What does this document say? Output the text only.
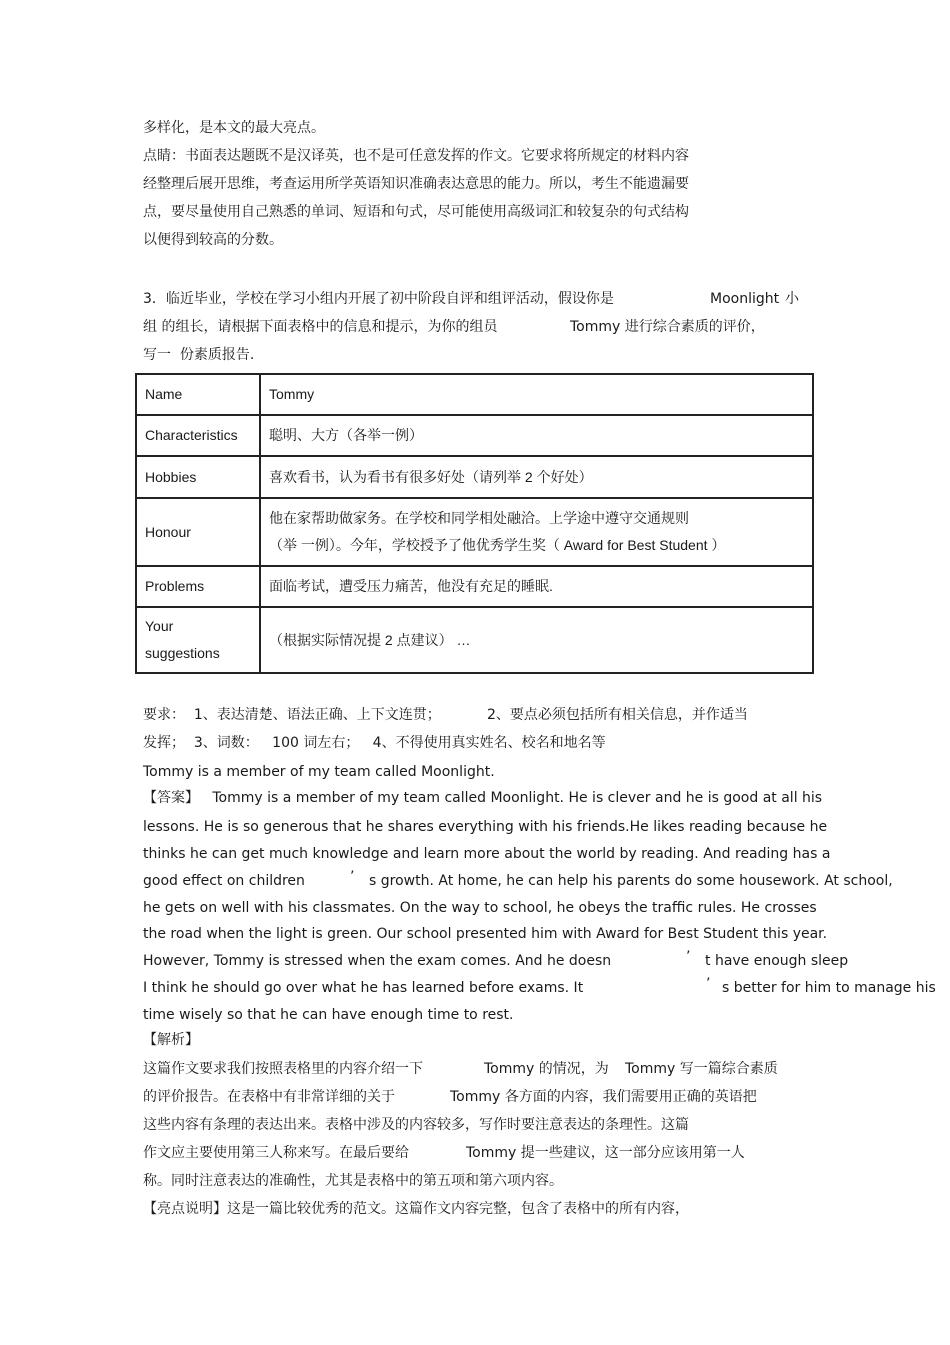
多样化，是本文的最大亮点。
点睛：书面表达题既不是汉译英，也不是可任意发挥的作文。它要求将所规定的材料内容
经整理后展开思维，考查运用所学英语知识准确表达意思的能力。所以，考生不能遗漏要
点，要尽量使用自己熟悉的单词、短语和句式，尽可能使用高级词汇和较复杂的句式结构
以便得到较高的分数。

3．临近毕业，学校在学习小组内开展了初中阶段自评和组评活动，假设你是

	Moonlight

小

组 的组长，请根据下面表格中的信息和提示，为你的组员

	Tommy 进行综合素质的评价，

写一  份素质报告.
Name	Tommy
Characteristics	聪明、大方（各举一例）
Hobbies	喜欢看书，认为看书有很多好处（请列举 2 个好处）
Honour	他在家帮助做家务。在学校和同学相处融洽。上学途中遵守交通规则
（举 一例）。今年，学校授予了他优秀学生奖（ Award for Best Student ）

Problems	面临考试，遭受压力痛苦，他没有充足的睡眠.

Your
suggestions	（根据实际情况提 2 点建议） …

要求：  1、表达清楚、语法正确、上下文连贯；

	2、要点必须包括所有相关信息，并作适当

发挥；  3、词数：   100 词左右；   4、不得使用真实姓名、校名和地名等
Tommy is a member of my team called Moonlight.
【答案】   Tommy is a member of my team called Moonlight. He is clever and he is good at all his
lessons. He is so generous that he shares everything with his friends.He likes reading because he
thinks he can get much knowledge and learn more about the world by reading. And reading has a

good effect on children

	’

s growth. At home, he can help his parents do some housework. At school,

he gets on well with his classmates. On the way to school, he obeys the traffic rules. He crosses
the road when the light is green. Our school presented him with Award for Best Student this year.

However, Tommy is stressed when the exam comes. And he doesn

	’

t have enough sleep

I think he should go over what he has learned before exams. It

	’

s better for him to manage his

time wisely so that he can have enough time to rest.
【解析】

这篇作文要求我们按照表格里的内容介绍一下

	Tommy 的情况，为

Tommy 写一篇综合素质

的评价报告。在表格中有非常详细的关于

	Tommy 各方面的内容，我们需要用正确的英语把

这些内容有条理的表达出来。表格中涉及的内容较多，写作时要注意表达的条理性。这篇

作文应主要使用第三人称来写。在最后要给

	Tommy 提一些建议，这一部分应该用第一人

称。同时注意表达的准确性，尤其是表格中的第五项和第六项内容。
【亮点说明】这是一篇比较优秀的范文。这篇作文内容完整，包含了表格中的所有内容，
